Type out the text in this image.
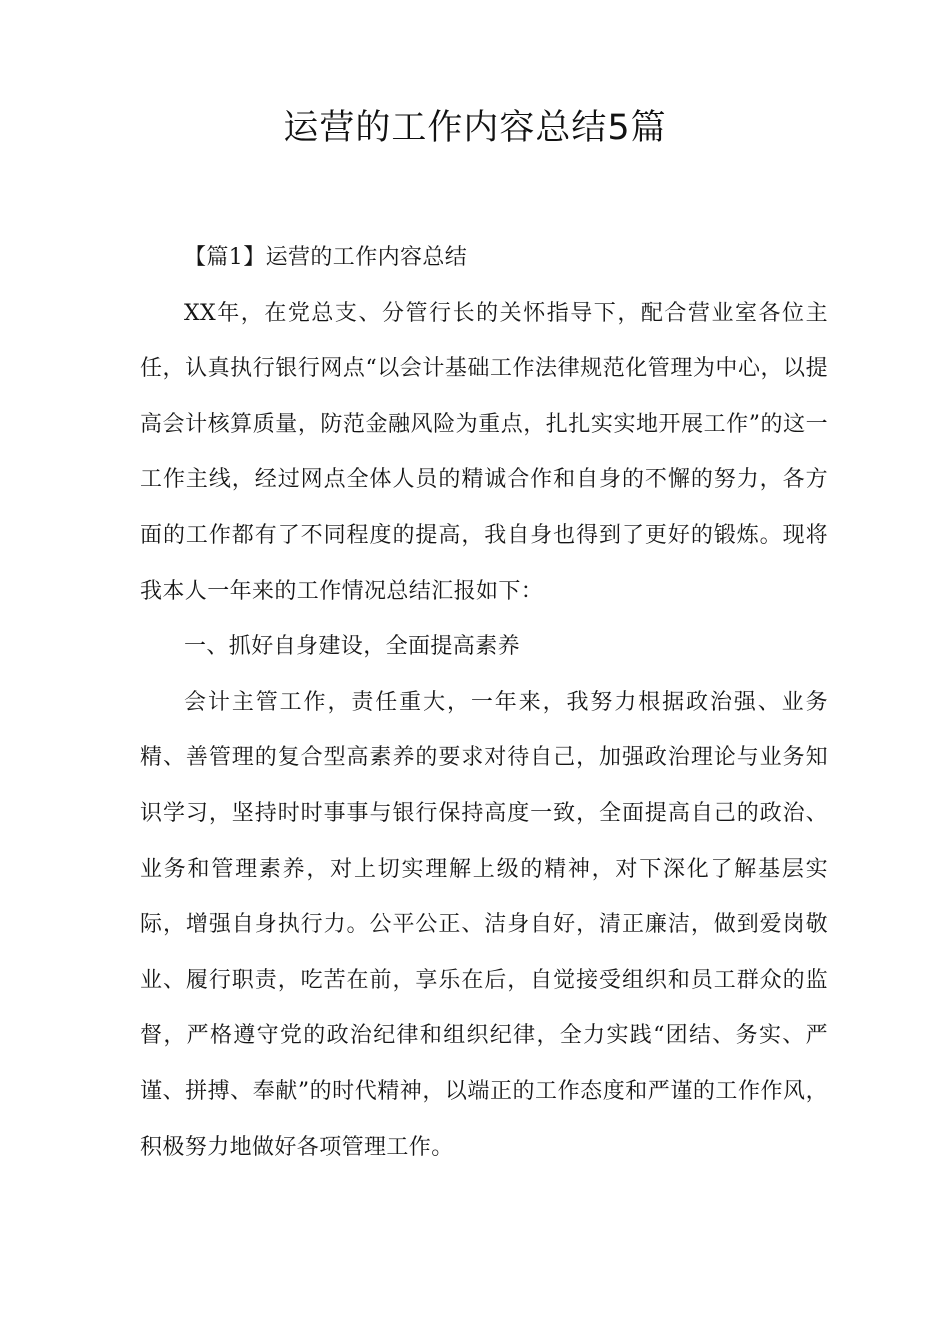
运营的工作内容总结5篇

【篇1】运营的工作内容总结

XX年，在党总支、分管行长的关怀指导下，配合营业室各位主任，认真执行银行网点“以会计基础工作法律规范化管理为中心，以提高会计核算质量，防范金融风险为重点，扎扎实实地开展工作”的这一工作主线，经过网点全体人员的精诚合作和自身的不懈的努力，各方面的工作都有了不同程度的提高，我自身也得到了更好的锻炼。现将我本人一年来的工作情况总结汇报如下：

一、抓好自身建设，全面提高素养

会计主管工作，责任重大，一年来，我努力根据政治强、业务精、善管理的复合型高素养的要求对待自己，加强政治理论与业务知识学习，坚持时时事事与银行保持高度一致，全面提高自己的政治、业务和管理素养，对上切实理解上级的精神，对下深化了解基层实际，增强自身执行力。公平公正、洁身自好，清正廉洁，做到爱岗敬业、履行职责，吃苦在前，享乐在后，自觉接受组织和员工群众的监督，严格遵守党的政治纪律和组织纪律，全力实践“团结、务实、严谨、拼搏、奉献”的时代精神，以端正的工作态度和严谨的工作作风，积极努力地做好各项管理工作。
